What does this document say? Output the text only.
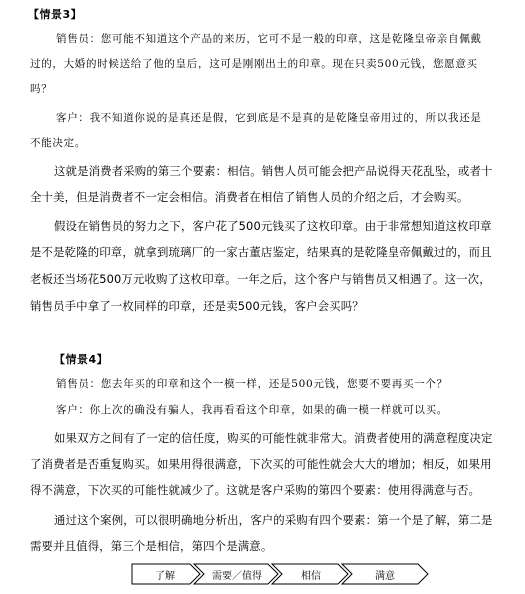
【情景3】

销售员：您可能不知道这个产品的来历，它可不是一般的印章，这是乾隆皇帝亲自佩戴

过的，大婚的时候送给了他的皇后，这可是刚刚出土的印章。现在只卖500元钱，您愿意买

吗？

客户：我不知道你说的是真还是假，它到底是不是真的是乾隆皇帝用过的，所以我还是

不能决定。

这就是消费者采购的第三个要素：相信。销售人员可能会把产品说得天花乱坠，或者十

全十美，但是消费者不一定会相信。消费者在相信了销售人员的介绍之后，才会购买。

假设在销售员的努力之下，客户花了500元钱买了这枚印章。由于非常想知道这枚印章

是不是乾隆的印章，就拿到琉璃厂的一家古董店鉴定，结果真的是乾隆皇帝佩戴过的，而且

老板还当场花500万元收购了这枚印章。一年之后，这个客户与销售员又相遇了。这一次，

销售员手中拿了一枚同样的印章，还是卖500元钱，客户会买吗？

【情景4】

销售员：您去年买的印章和这个一模一样，还是500元钱，您要不要再买一个？

客户：你上次的确没有骗人，我再看看这个印章，如果的确一模一样就可以买。

如果双方之间有了一定的信任度，购买的可能性就非常大。消费者使用的满意程度决定

了消费者是否重复购买。如果用得很满意，下次买的可能性就会大大的增加；相反，如果用

得不满意，下次买的可能性就减少了。这就是客户采购的第四个要素：使用得满意与否。

通过这个案例，可以很明确地分析出，客户的采购有四个要素：第一个是了解，第二是

需要并且值得，第三个是相信，第四个是满意。

了解	需要／值得	相信	满意
